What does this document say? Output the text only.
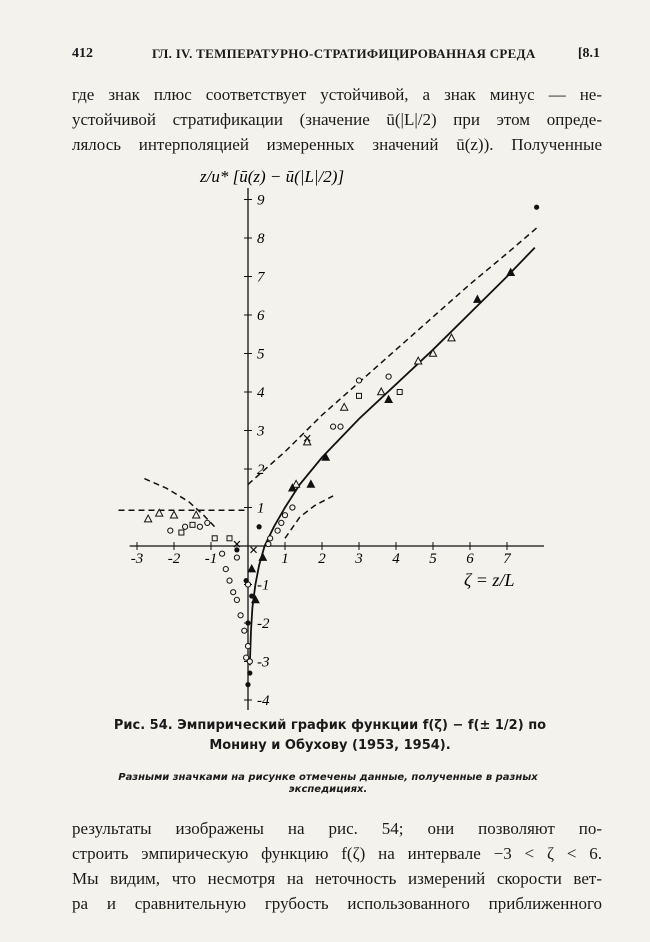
412	ГЛ. IV. ТЕМПЕРАТУРНО-СТРАТИФИЦИРОВАННАЯ СРЕДА	[8.1
где знак плюс соответствует устойчивой, а знак минус — не-
устойчивой стратификации (значение ū(|L|/2) при этом опреде-
лялось интерполяцией измеренных значений ū(z)). Полученные
-3 -2 -1	1 2 3 4 5 6 7
9
8
7
6
5
4
3
2
1
-1
-2
-3
-4
z/u* [ū(z) − ū(|L|/2)]
ζ = z/L
Рис. 54. Эмпирический график функции f(ζ) − f(± 1/2) по Монину и Обухову (1953, 1954).
Разными значками на рисунке отмечены данные, полученные в разных экспедициях.
результаты изображены на рис. 54; они позволяют по-
строить эмпирическую функцию f(ζ) на интервале −3 < ζ < 6.
Мы видим, что несмотря на неточность измерений скорости вет-
ра и сравнительную грубость использованного приближенного
